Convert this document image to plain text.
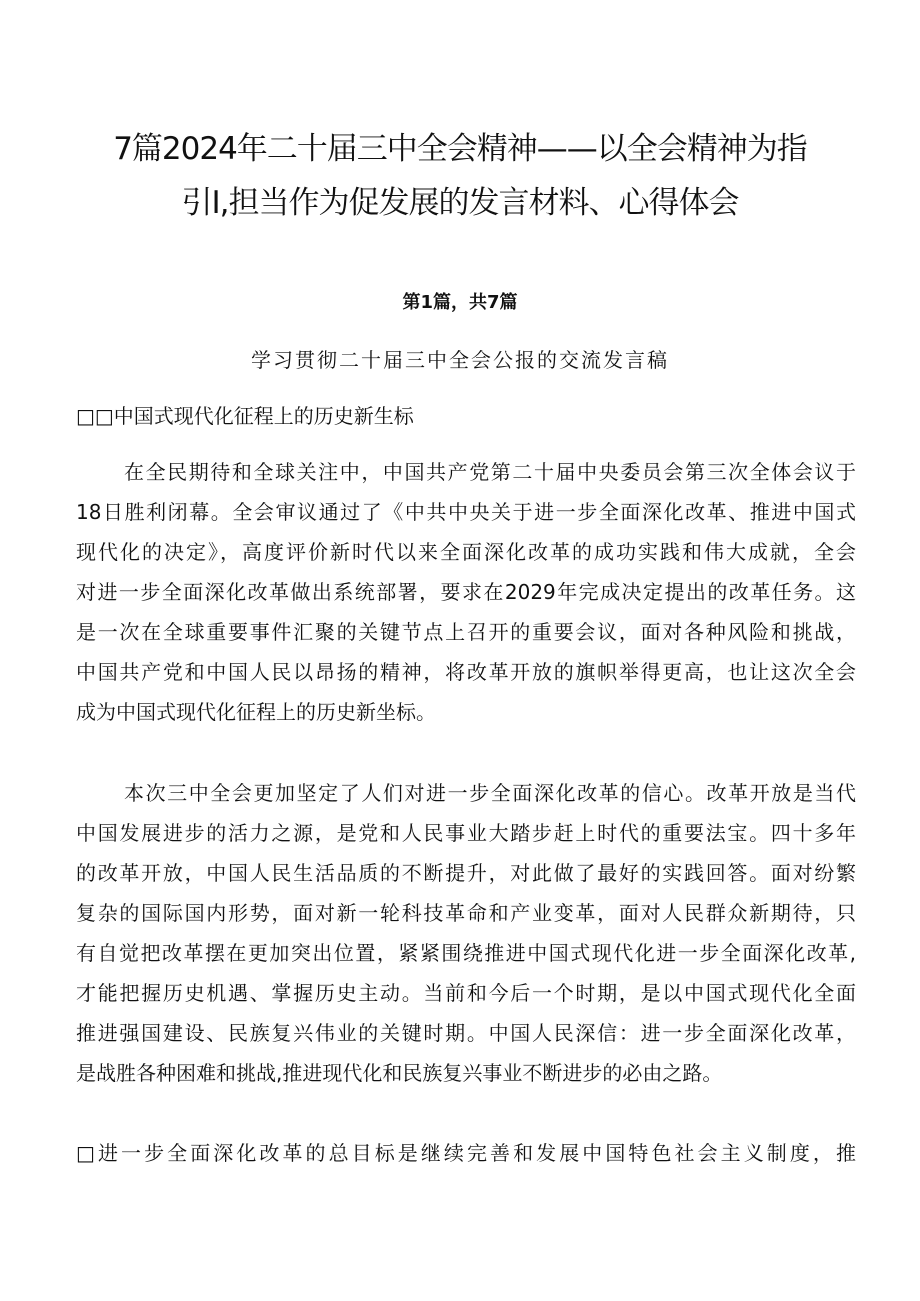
7篇2024年二十届三中全会精神——以全会精神为指
引I,担当作为促发展的发言材料、心得体会
第1篇，共7篇
学习贯彻二十届三中全会公报的交流发言稿
□□中国式现代化征程上的历史新生标
在全民期待和全球关注中，中国共产党第二十届中央委员会第三次全体会议于
18日胜利闭幕。全会审议通过了《中共中央关于进一步全面深化改革、推进中国式
现代化的决定》，高度评价新时代以来全面深化改革的成功实践和伟大成就，全会
对进一步全面深化改革做出系统部署，要求在2029年完成决定提出的改革任务。这
是一次在全球重要事件汇聚的关键节点上召开的重要会议，面对各种风险和挑战，
中国共产党和中国人民以昂扬的精神，将改革开放的旗帜举得更高，也让这次全会
成为中国式现代化征程上的历史新坐标。
本次三中全会更加坚定了人们对进一步全面深化改革的信心。改革开放是当代
中国发展进步的活力之源，是党和人民事业大踏步赶上时代的重要法宝。四十多年
的改革开放，中国人民生活品质的不断提升，对此做了最好的实践回答。面对纷繁
复杂的国际国内形势，面对新一轮科技革命和产业变革，面对人民群众新期待，只
有自觉把改革摆在更加突出位置，紧紧围绕推进中国式现代化进一步全面深化改革,
才能把握历史机遇、掌握历史主动。当前和今后一个时期，是以中国式现代化全面
推进强国建设、民族复兴伟业的关键时期。中国人民深信：进一步全面深化改革，
是战胜各种困难和挑战,推进现代化和民族复兴事业不断进步的必由之路。
□进一步全面深化改革的总目标是继续完善和发展中国特色社会主义制度，推
